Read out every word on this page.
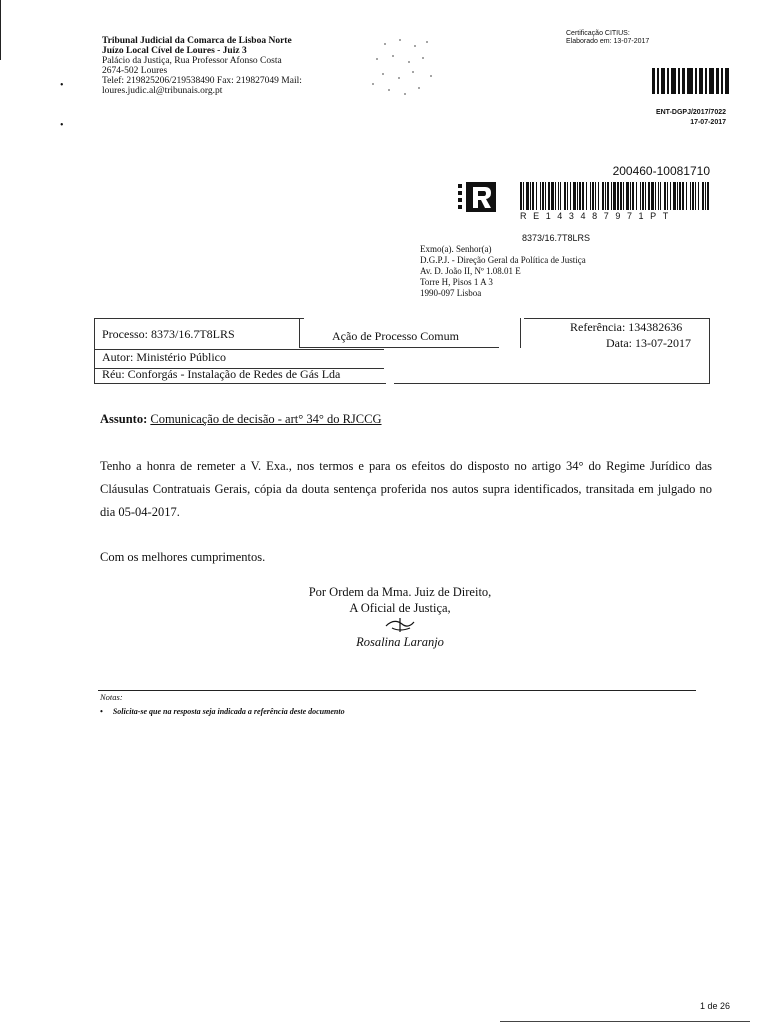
•
•
Tribunal Judicial da Comarca de Lisboa Norte
Juízo Local Cível de Loures - Juiz 3
Palácio da Justiça, Rua Professor Afonso Costa
2674-502 Loures
Telef: 219825206/219538490 Fax: 219827049 Mail:
loures.judic.al@tribunais.org.pt
Certificação CITIUS:
Elaborado em: 13-07-2017
ENT-DGPJ/2017/7022
17-07-2017
200460-10081710
RE143487971PT
8373/16.7T8LRS
Exmo(a). Senhor(a)
D.G.P.J. - Direção Geral da Política de Justiça
Av. D. João II, Nº 1.08.01 E
Torre H, Pisos 1 A 3
1990-097 Lisboa
Processo: 8373/16.7T8LRS	Ação de Processo Comum
Referência: 134382636
Data: 13-07-2017
Autor: Ministério Público
Réu: Conforgás - Instalação de Redes de Gás Lda
Assunto: Comunicação de decisão - art° 34° do RJCCG
Tenho a honra de remeter a V. Exa., nos termos e para os efeitos do disposto no artigo 34° do Regime Jurídico das Cláusulas Contratuais Gerais, cópia da douta sentença proferida nos autos supra identificados, transitada em julgado no dia 05-04-2017.
Com os melhores cumprimentos.
Por Ordem da Mma. Juiz de Direito,
A Oficial de Justiça,
Rosalina Laranjo
Notas:
•     Solicita-se que na resposta seja indicada a referência deste documento
1 de 26
